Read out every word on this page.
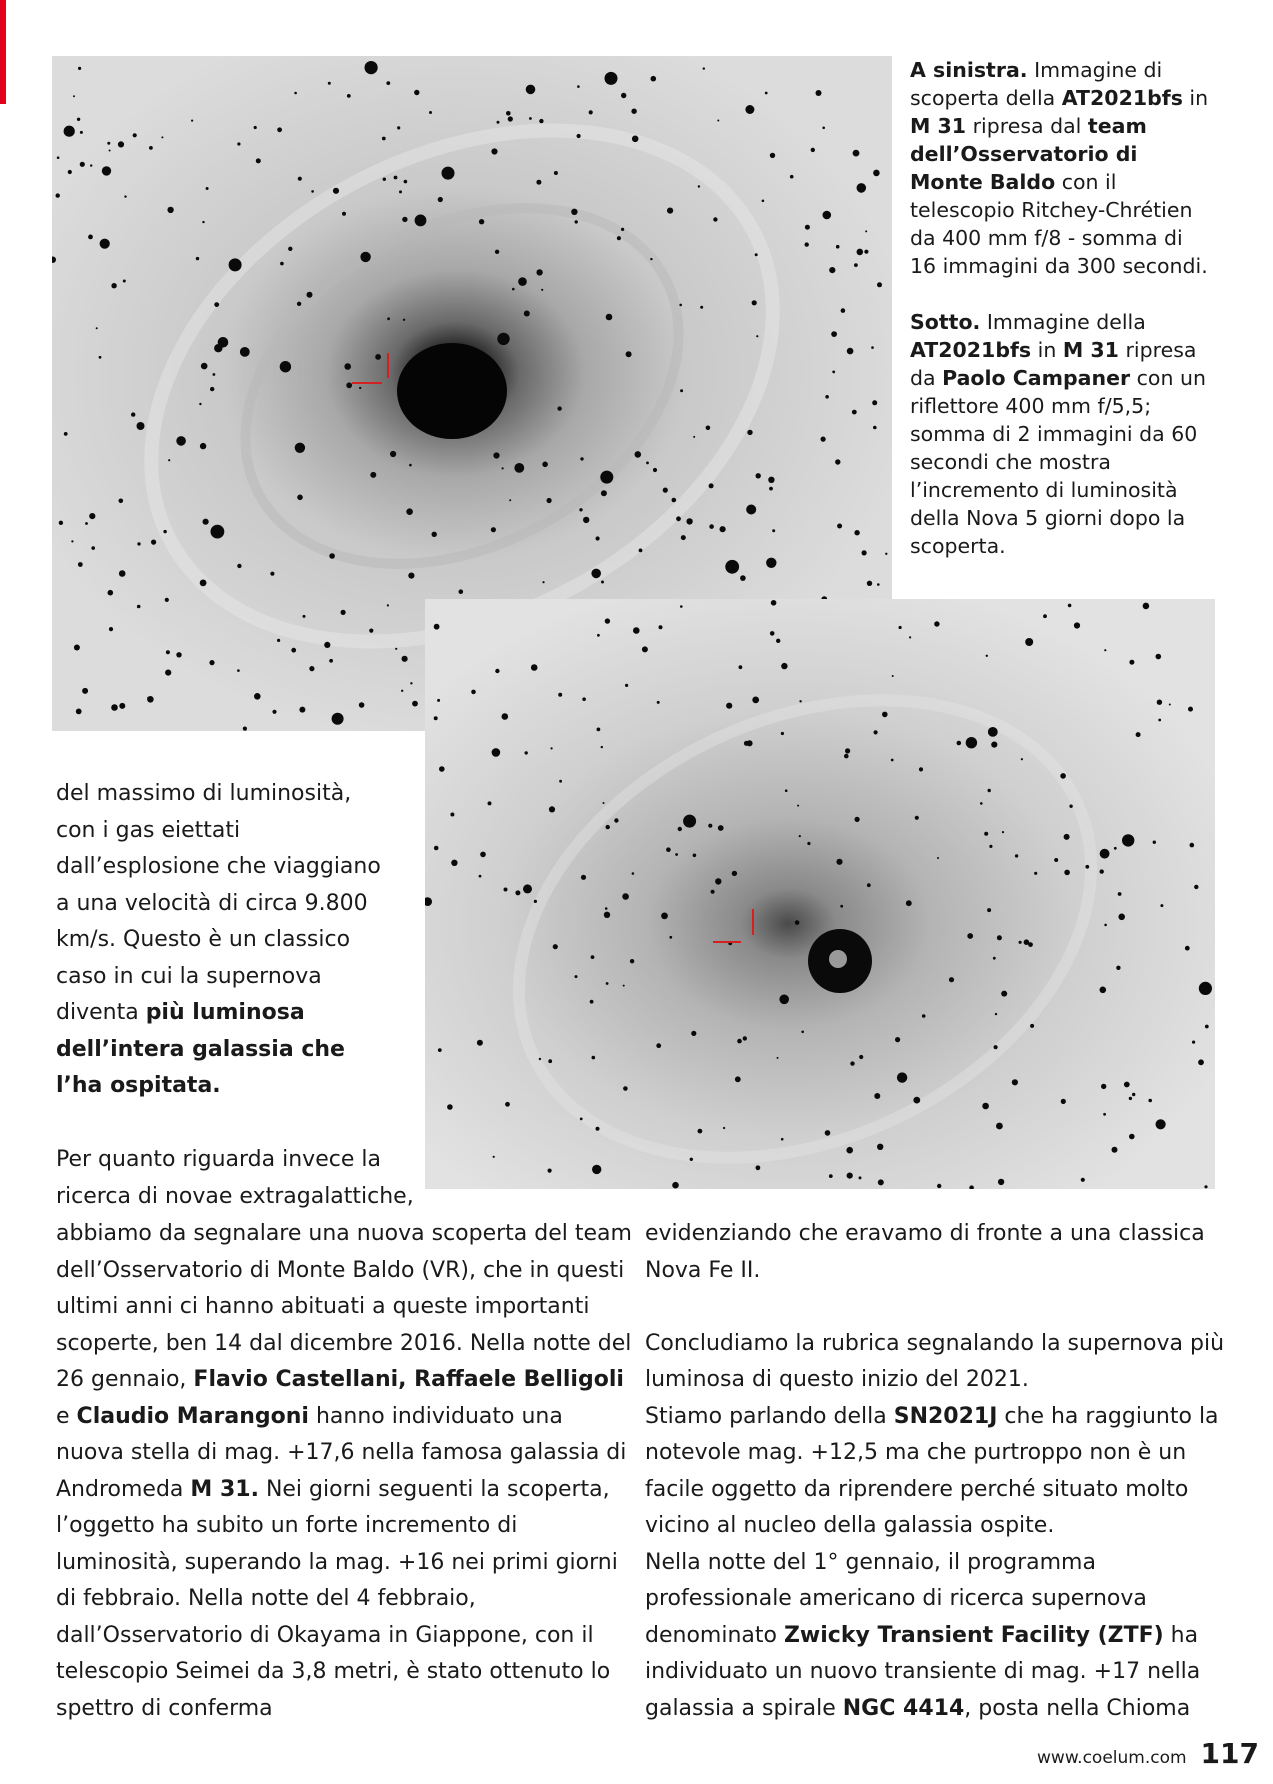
A sinistra. Immagine di scoperta della AT2021bfs in M 31 ripresa dal team dell’Osservatorio di Monte Baldo con il telescopio Ritchey-Chrétien da 400 mm f/8 - somma di 16 immagini da 300 secondi.

Sotto. Immagine della AT2021bfs in M 31 ripresa da Paolo Campaner con un riflettore 400 mm f/5,5; somma di 2 immagini da 60 secondi che mostra l’incremento di luminosità della Nova 5 giorni dopo la scoperta.

del massimo di luminosità, con i gas eiettati dall’esplosione che viaggiano a una velocità di circa 9.800 km/s. Questo è un classico caso in cui la supernova diventa più luminosa dell’intera galassia che l’ha ospitata.

Per quanto riguarda invece la ricerca di novae extragalattiche,

abbiamo da segnalare una nuova scoperta del team dell’Osservatorio di Monte Baldo (VR), che in questi ultimi anni ci hanno abituati a queste importanti scoperte, ben 14 dal dicembre 2016. Nella notte del 26 gennaio, Flavio Castellani, Raffaele Belligoli e Claudio Marangoni hanno individuato una nuova stella di mag. +17,6 nella famosa galassia di Andromeda M 31. Nei giorni seguenti la scoperta, l’oggetto ha subito un forte incremento di luminosità, superando la mag. +16 nei primi giorni di febbraio. Nella notte del 4 febbraio, dall’Osservatorio di Okayama in Giappone, con il telescopio Seimei da 3,8 metri, è stato ottenuto lo spettro di conferma

evidenziando che eravamo di fronte a una classica Nova Fe II.

Concludiamo la rubrica segnalando la supernova più luminosa di questo inizio del 2021.
Stiamo parlando della SN2021J che ha raggiunto la notevole mag. +12,5 ma che purtroppo non è un facile oggetto da riprendere perché situato molto vicino al nucleo della galassia ospite.
Nella notte del 1° gennaio, il programma professionale americano di ricerca supernova denominato Zwicky Transient Facility (ZTF) ha individuato un nuovo transiente di mag. +17 nella galassia a spirale NGC 4414, posta nella Chioma

www.coelum.com 117
